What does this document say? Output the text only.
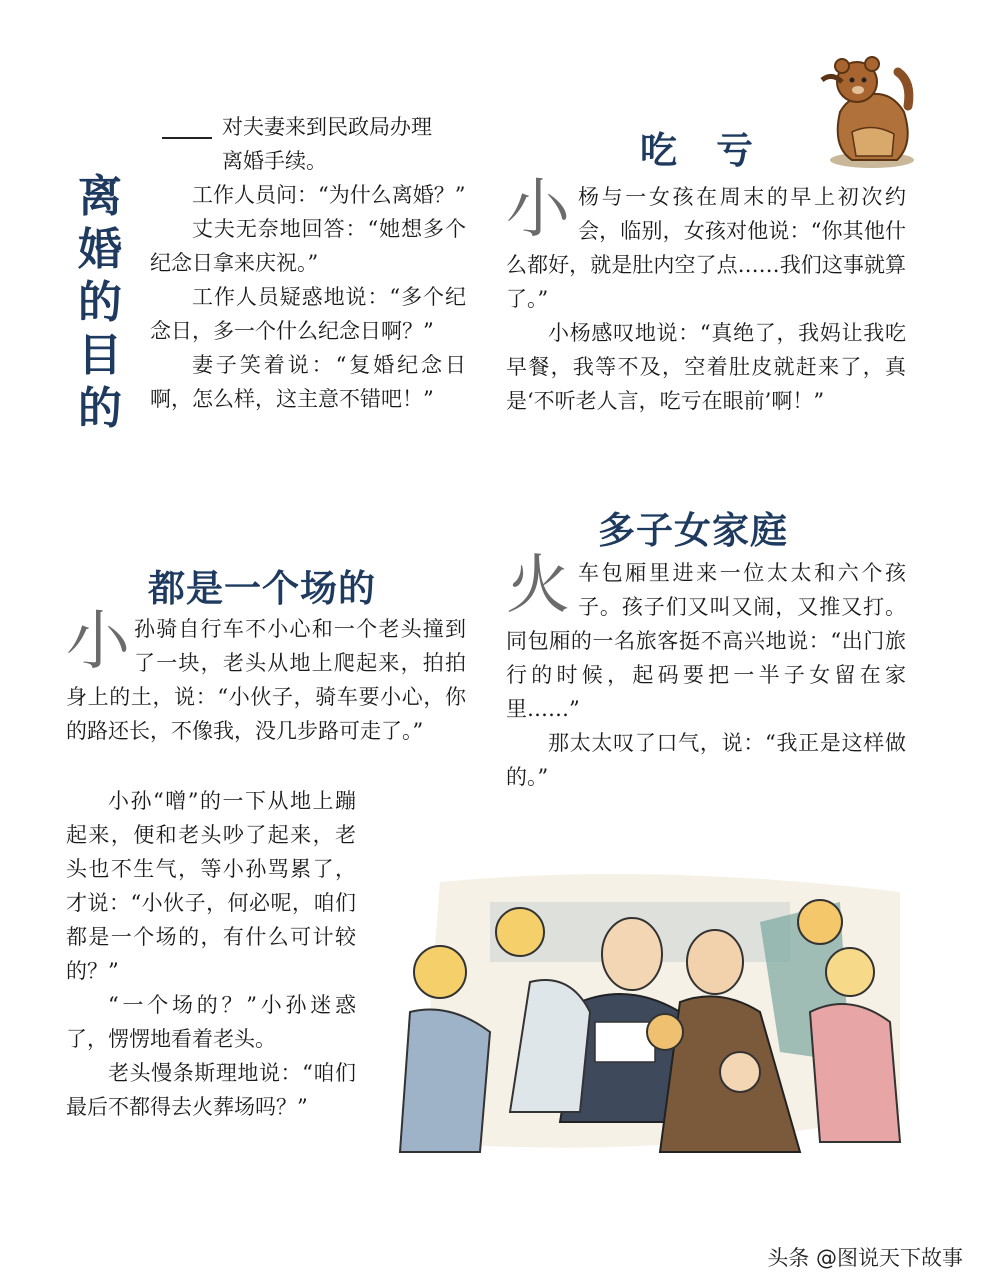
离
婚
的
目
的

对夫妻来到民政局办理

离婚手续。

工作人员问：“为什么离婚？”

丈夫无奈地回答：“她想多个纪念日拿来庆祝。”

工作人员疑惑地说：“多个纪念日，多一个什么纪念日啊？”

妻子笑着说：“复婚纪念日啊，怎么样，这主意不错吧！”

吃　亏
小 杨与一女孩在周末的早上初次约会，临别，女孩对他说：“你其他什么都好，就是肚内空了点……我们这事就算了。”

小杨感叹地说：“真绝了，我妈让我吃早餐，我等不及，空着肚皮就赶来了，真是‘不听老人言，吃亏在眼前’啊！”

都是一个场的
小 孙骑自行车不小心和一个老头撞到了一块，老头从地上爬起来，拍拍身上的土，说：“小伙子，骑车要小心，你的路还长，不像我，没几步路可走了。”

多子女家庭
火 车包厢里进来一位太太和六个孩子。孩子们又叫又闹，又推又打。同包厢的一名旅客挺不高兴地说：“出门旅行的时候，起码要把一半子女留在家里……”

那太太叹了口气，说：“我正是这样做的。”

小孙“噌”的一下从地上蹦起来，便和老头吵了起来，老头也不生气，等小孙骂累了，才说：“小伙子，何必呢，咱们都是一个场的，有什么可计较的？”

“一个场的？”小孙迷惑了，愣愣地看着老头。

老头慢条斯理地说：“咱们最后不都得去火葬场吗？”

头条 @图说天下故事
